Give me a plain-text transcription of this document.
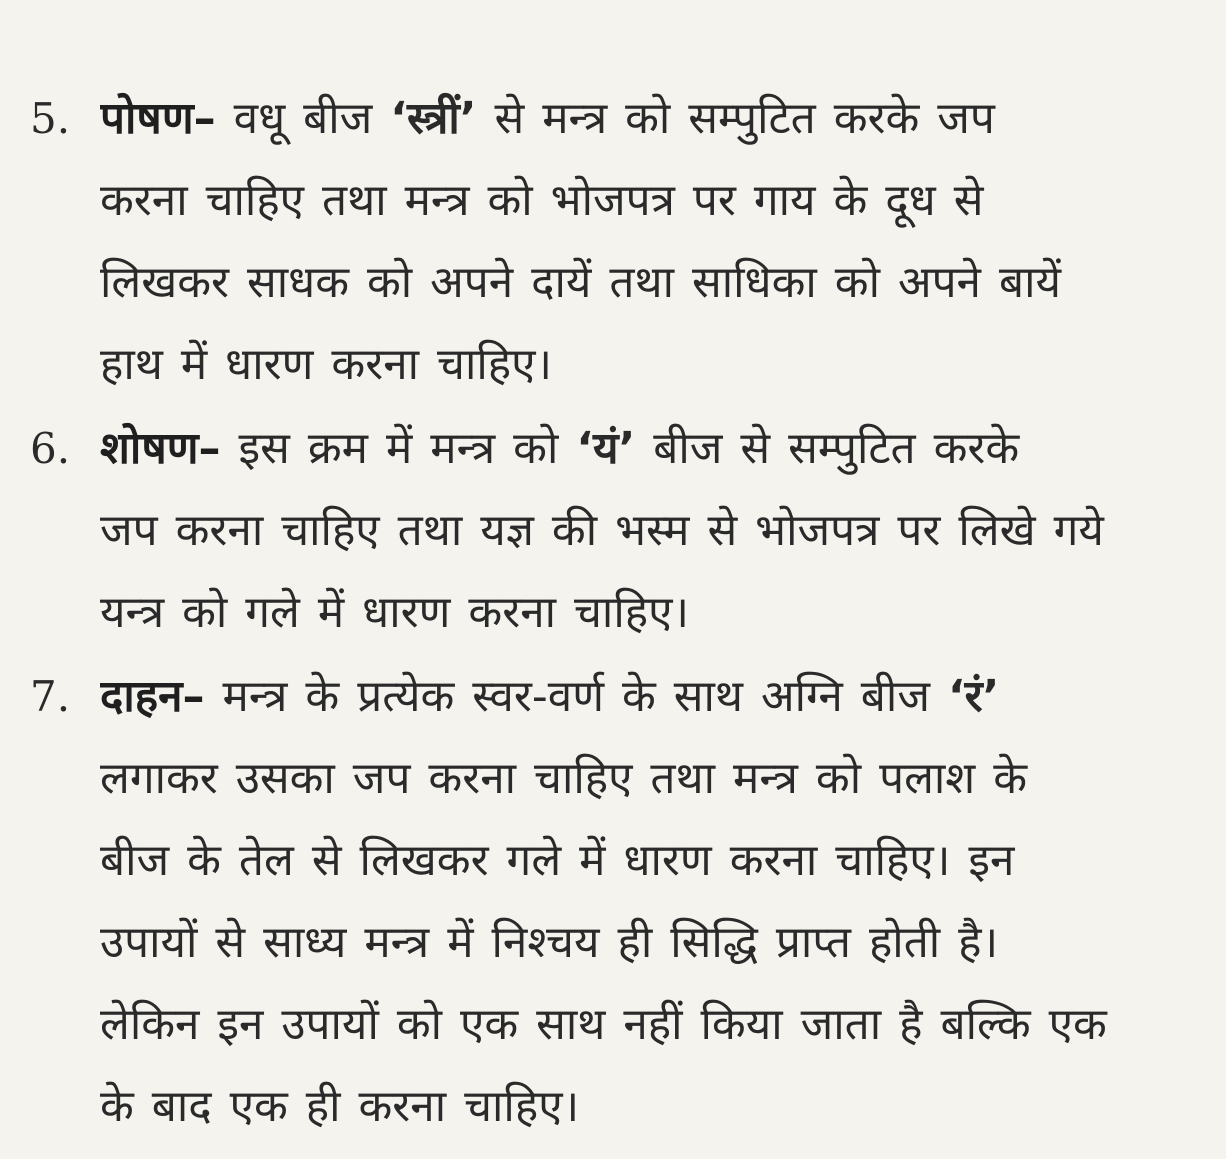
5. पोषण– वधू बीज ‘स्त्रीं’ से मन्त्र को सम्पुटित करके जप
करना चाहिए तथा मन्त्र को भोजपत्र पर गाय के दूध से
लिखकर साधक को अपने दायें तथा साधिका को अपने बायें
हाथ में धारण करना चाहिए।
6. शोषण– इस क्रम में मन्त्र को ‘यं’ बीज से सम्पुटित करके
जप करना चाहिए तथा यज्ञ की भस्म से भोजपत्र पर लिखे गये
यन्त्र को गले में धारण करना चाहिए।
7. दाहन– मन्त्र के प्रत्येक स्वर-वर्ण के साथ अग्नि बीज ‘रं’
लगाकर उसका जप करना चाहिए तथा मन्त्र को पलाश के
बीज के तेल से लिखकर गले में धारण करना चाहिए। इन
उपायों से साध्य मन्त्र में निश्चय ही सिद्धि प्राप्त होती है।
लेकिन इन उपायों को एक साथ नहीं किया जाता है बल्कि एक
के बाद एक ही करना चाहिए।
